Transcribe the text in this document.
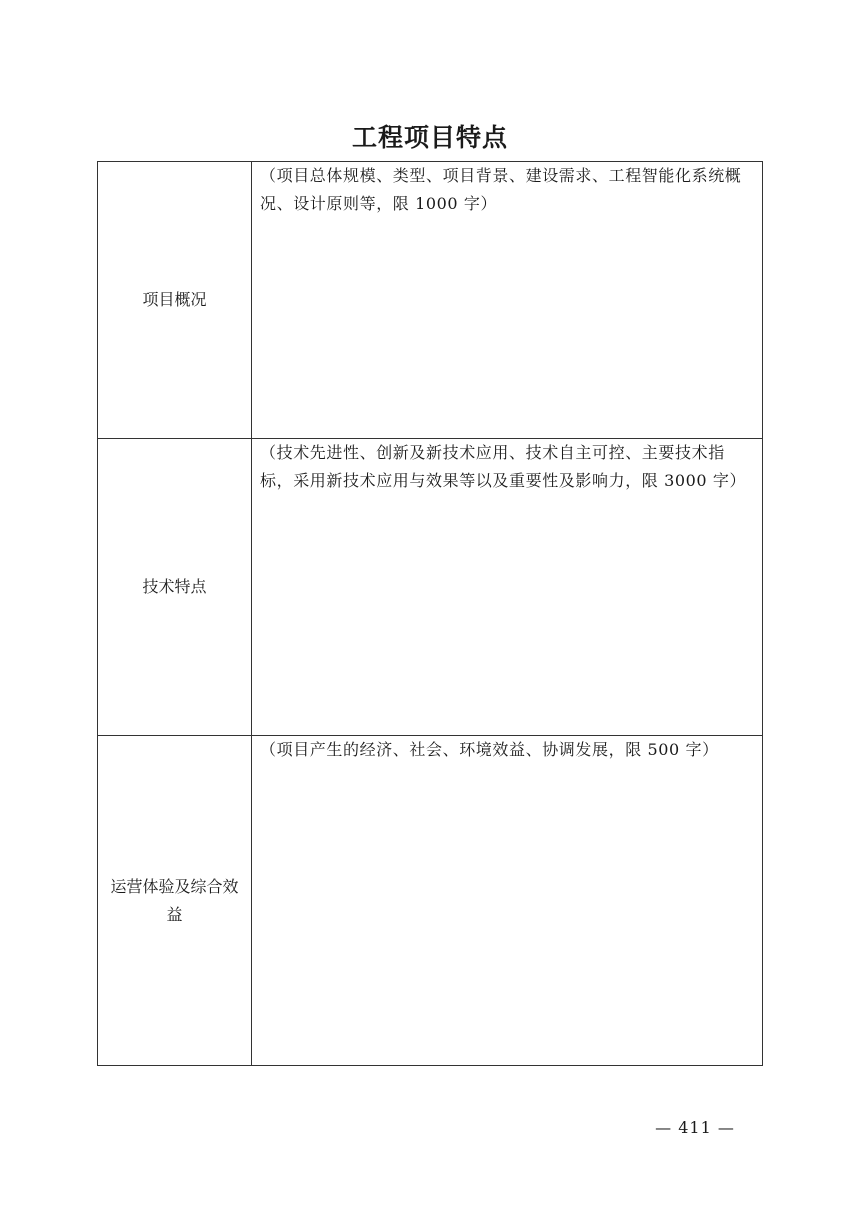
工程项目特点
项目概况	（项目总体规模、类型、项目背景、建设需求、工程智能化系统概况、设计原则等，限 1000 字）

技术特点	（技术先进性、创新及新技术应用、技术自主可控、主要技术指标，采用新技术应用与效果等以及重要性及影响力，限 3000 字）

运营体验及综合效益	（项目产生的经济、社会、环境效益、协调发展，限 500 字）
— 411 —
